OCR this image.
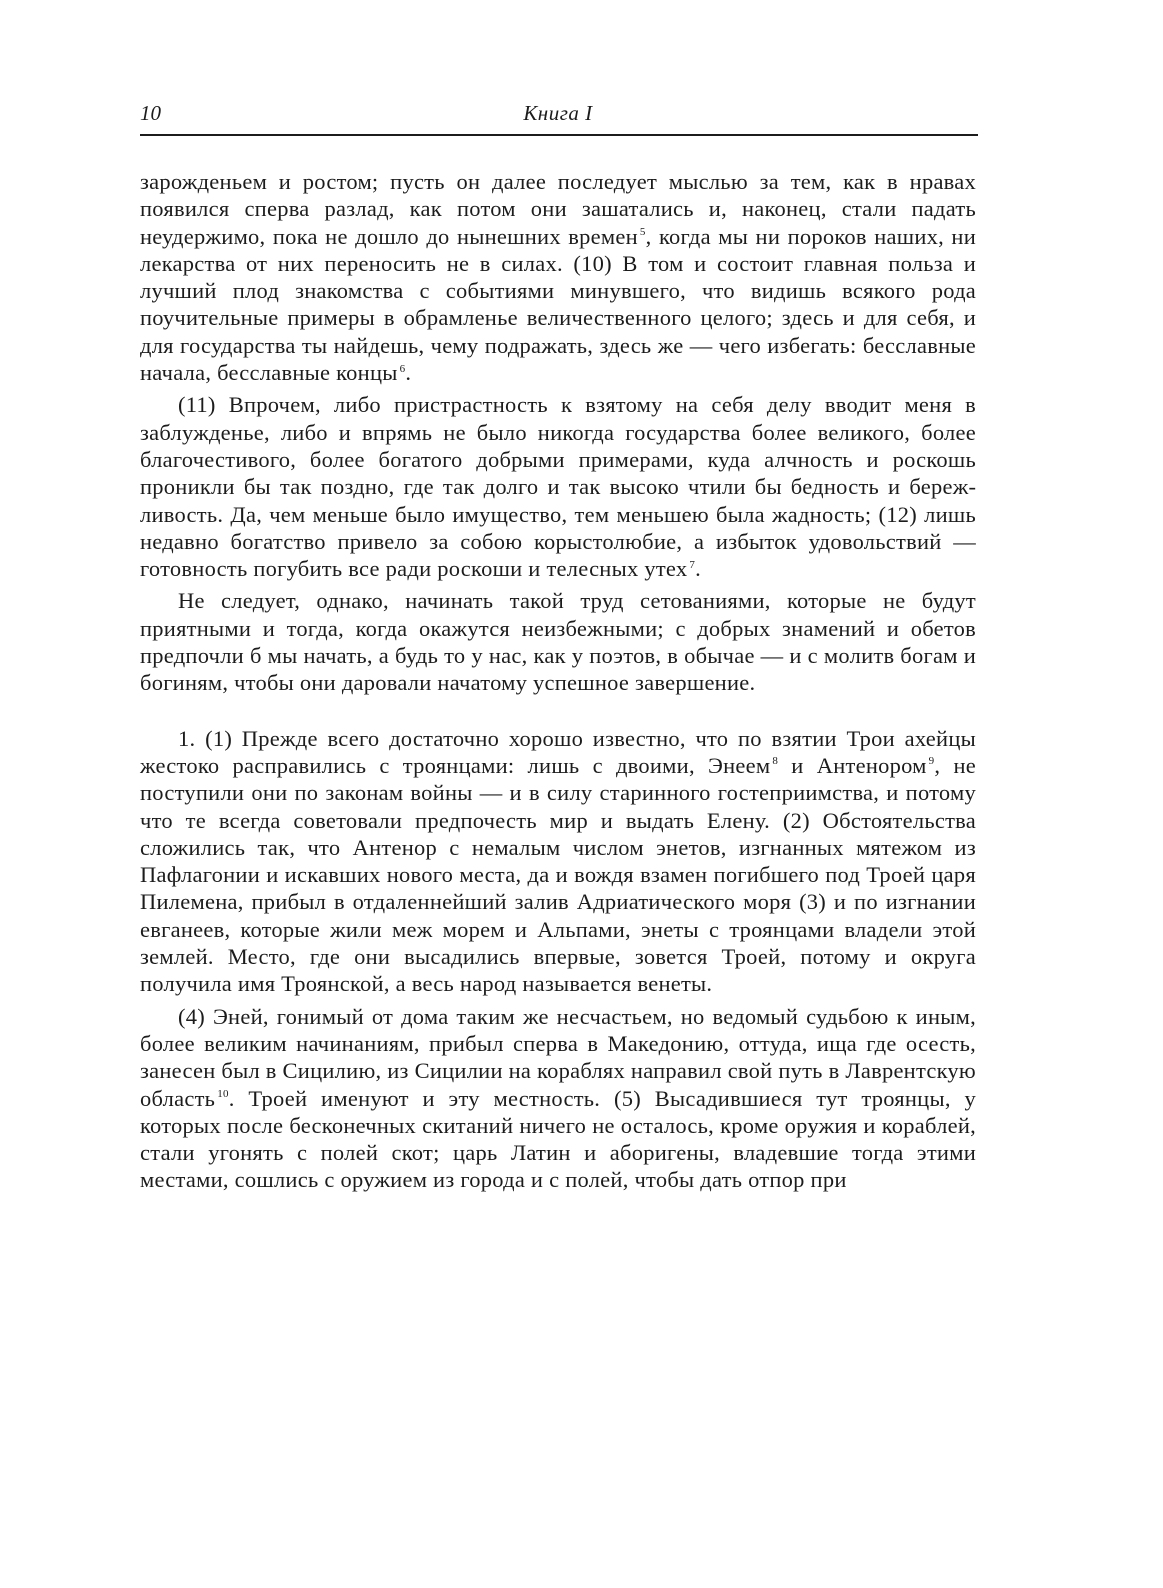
10	Книга I

зарожденьем и ростом; пусть он далее последует мыслью за тем, как в нравах появился сперва разлад, как потом они зашатались и, наконец, стали падать неудержимо, пока не дошло до нынешних времен $^5$, когда мы ни пороков наших, ни лекарства от них переносить не в силах. (10) В том и состоит главная польза и лучший плод знакомства с событиями минувшего, что видишь всякого рода поучительные примеры в обрамленье величественного целого; здесь и для себя, и для государства ты найдешь, чему подражать, здесь же — чего избегать: бесславные начала, бесславные концы $^6$.

(11) Впрочем, либо пристрастность к взятому на себя делу вводит меня в заблужденье, либо и впрямь не было никогда государства более великого, более благочестивого, более богатого добрыми примерами, куда алчность и роскошь проникли бы так поздно, где так долго и так высоко чтили бы бедность и бережливость. Да, чем меньше было имущество, тем меньшею была жадность; (12) лишь недавно богатство привело за собою корыстолюбие, а избыток удовольствий — готовность погубить все ради роскоши и телесных утех $^7$.

Не следует, однако, начинать такой труд сетованиями, которые не будут приятными и тогда, когда окажутся неизбежными; с добрых знамений и обетов предпочли б мы начать, а будь то у нас, как у поэтов, в обычае — и с молитв богам и богиням, чтобы они даровали начатому успешное завершение.

1. (1) Прежде всего достаточно хорошо известно, что по взятии Трои ахейцы жестоко расправились с троянцами: лишь с двоими, Энеем $^8$ и Антенором $^9$, не поступили они по законам войны — и в силу старинного гостеприимства, и потому что те всегда советовали предпочесть мир и выдать Елену. (2) Обстоятельства сложились так, что Антенор с немалым числом энетов, изгнанных мятежом из Пафлагонии и искавших нового места, да и вождя взамен погибшего под Троей царя Пилемена, прибыл в отдаленнейший залив Адриатического моря (3) и по изгнании евганеев, которые жили меж морем и Альпами, энеты с троянцами владели этой землей. Место, где они высадились впервые, зовется Троей, потому и округа получила имя Троянской, а весь народ называется венеты.

(4) Эней, гонимый от дома таким же несчастьем, но ведомый судьбою к иным, более великим начинаниям, прибыл сперва в Македонию, оттуда, ища где осесть, занесен был в Сицилию, из Сицилии на кораблях направил свой путь в Лаврентскую область $^{10}$. Троей именуют и эту местность. (5) Высадившиеся тут троянцы, у которых после бесконечных скитаний ничего не осталось, кроме оружия и кораблей, стали угонять с полей скот; царь Латин и аборигены, владевшие тогда этими местами, сошлись с оружием из города и с полей, чтобы дать отпор при
